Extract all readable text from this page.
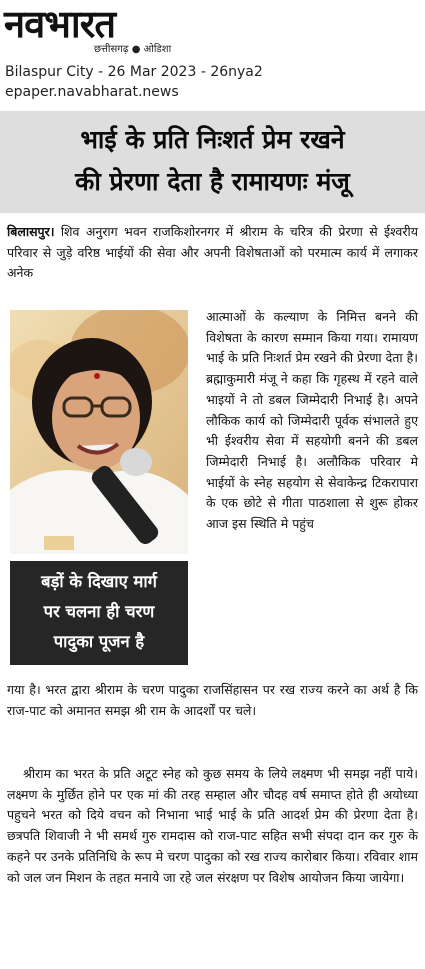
नवभारत
छत्तीसगढ़ ● ओडिशा
Bilaspur City - 26 Mar 2023 - 26nya2
epaper.navabharat.news
भाई के प्रति निःशर्त प्रेम रखने
की प्रेरणा देता है रामायणः मंजू
बिलासपुर। शिव अनुराग भवन राजकिशोरनगर में श्रीराम के चरित्र की प्रेरणा से ईश्वरीय परिवार से जुड़े वरिष्ठ भाईयों की सेवा और अपनी विशेषताओं को परमात्म कार्य में लगाकर अनेक
आत्माओं के कल्याण के निमित्त बनने की विशेषता के कारण सम्मान किया गया। रामायण भाई के प्रति निःशर्त प्रेम रखने की प्रेरणा देता है। ब्रह्माकुमारी मंजू ने कहा कि गृहस्थ में रहने वाले भाइयों ने तो डबल जिम्मेदारी निभाई है। अपने लौकिक कार्य को जिम्मेदारी पूर्वक संभालते हुए भी ईश्वरीय सेवा में सहयोगी बनने की डबल जिम्मेदारी निभाई है। अलौकिक परिवार मे भाईयों के स्नेह सहयोग से सेवाकेन्द्र टिकरापारा के एक छोटे से गीता पाठशाला से शुरू होकर आज इस स्थिति मे पहुंच
बड़ों के दिखाए मार्ग
पर चलना ही चरण
पादुका पूजन है
गया है। भरत द्वारा श्रीराम के चरण पादुका राजसिंहासन पर रख राज्य करने का अर्थ है कि राज-पाट को अमानत समझ श्री राम के आदर्शों पर चले।
श्रीराम का भरत के प्रति अटूट स्नेह को कुछ समय के लिये लक्ष्मण भी समझ नहीं पाये। लक्ष्मण के मुर्छित होने पर एक मां की तरह सम्हाल और चौदह वर्ष समाप्त होते ही अयोध्या पहुचने भरत को दिये वचन को निभाना भाई भाई के प्रति आदर्श प्रेम की प्रेरणा देता है। छत्रपति शिवाजी ने भी समर्थ गुरु रामदास को राज-पाट सहित सभी संपदा दान कर गुरु के कहने पर उनके प्रतिनिधि के रूप मे चरण पादुका को रख राज्य कारोबार किया। रविवार शाम को जल जन मिशन के तहत मनाये जा रहे जल संरक्षण पर विशेष आयोजन किया जायेगा।
